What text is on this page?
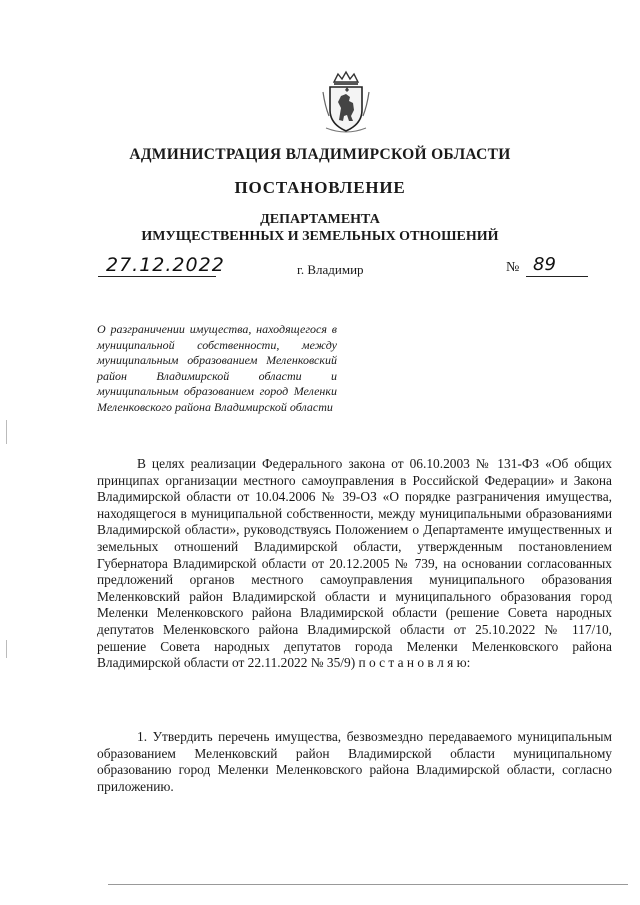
АДМИНИСТРАЦИЯ ВЛАДИМИРСКОЙ ОБЛАСТИ
ПОСТАНОВЛЕНИЕ
ДЕПАРТАМЕНТА
ИМУЩЕСТВЕННЫХ И ЗЕМЕЛЬНЫХ ОТНОШЕНИЙ
27.12.2022	г. Владимир	№ 89
О разграничении имущества, находящегося в муниципальной собственности, между муниципальным образованием Меленковский район Владимирской области и муниципальным образованием город Меленки Меленковского района Владимирской области

В целях реализации Федерального закона от 06.10.2003 № 131-ФЗ «Об общих принципах организации местного самоуправления в Российской Федерации» и Закона Владимирской области от 10.04.2006 № 39-ОЗ «О порядке разграничения имущества, находящегося в муниципальной собственности, между муниципальными образованиями Владимирской области», руководствуясь Положением о Департаменте имущественных и земельных отношений Владимирской области, утвержденным постановлением Губернатора Владимирской области от 20.12.2005 № 739, на основании согласованных предложений органов местного самоуправления муниципального образования Меленковский район Владимирской области и муниципального образования город Меленки Меленковского района Владимирской области (решение Совета народных депутатов Меленковского района Владимирской области от 25.10.2022 № 117/10, решение Совета народных депутатов города Меленки Меленковского района Владимирской области от 22.11.2022 № 35/9) п о с т а н о в л я ю:

1. Утвердить перечень имущества, безвозмездно передаваемого муниципальным образованием Меленковский район Владимирской области муниципальному образованию город Меленки Меленковского района Владимирской области, согласно приложению.
